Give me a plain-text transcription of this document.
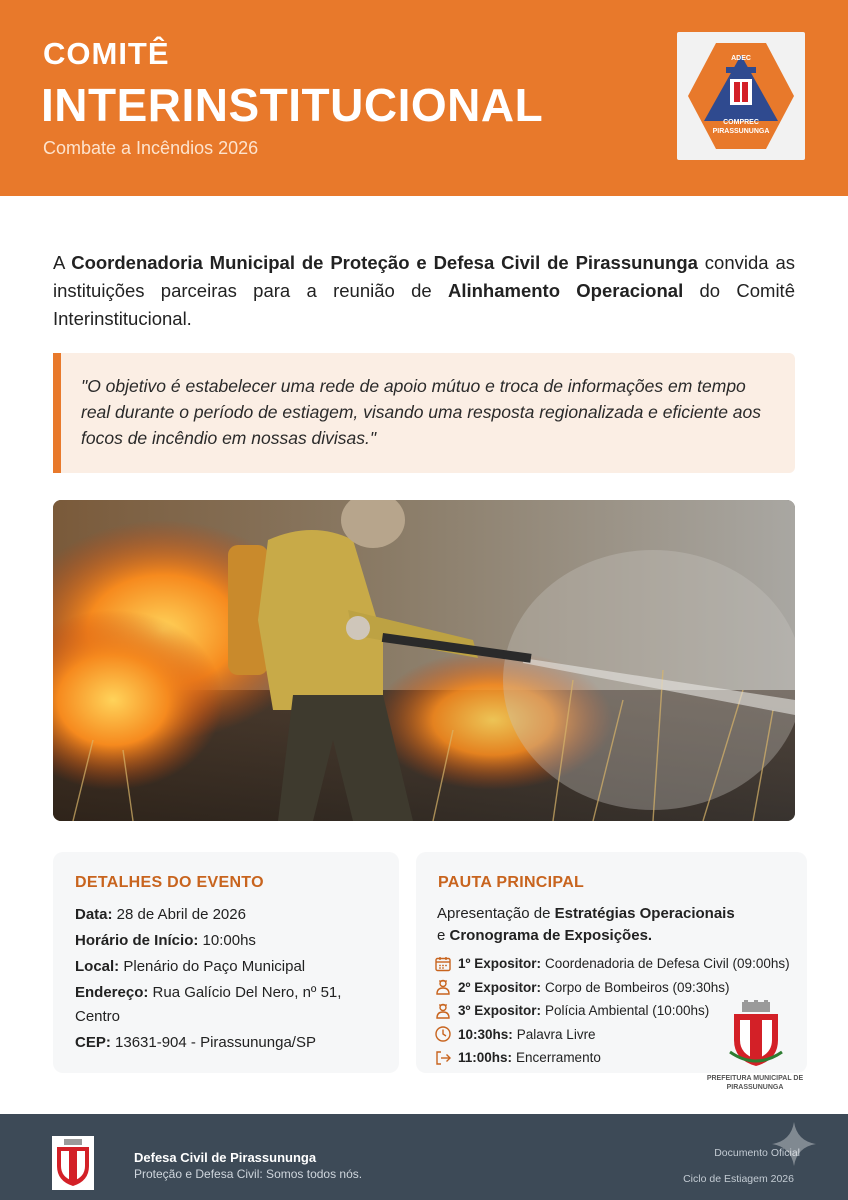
COMITÊ
INTERINSTITUCIONAL
Combate a Incêndios 2026
ADEC
COMPREC
PIRASSUNUNGA
A Coordenadoria Municipal de Proteção e Defesa Civil de Pirassununga convida as instituições parceiras para a reunião de Alinhamento Operacional do Comitê Interinstitucional.
"O objetivo é estabelecer uma rede de apoio mútuo e troca de informações em tempo real durante o período de estiagem, visando uma resposta regionalizada e eficiente aos focos de incêndio em nossas divisas."
DETALHES DO EVENTO
Data: 28 de Abril de 2026
Horário de Início: 10:00hs
Local: Plenário do Paço Municipal
Endereço: Rua Galício Del Nero, nº 51, Centro
CEP: 13631-904 - Pirassununga/SP
PAUTA PRINCIPAL
Apresentação de Estratégias Operacionais
e Cronograma de Exposições.
1º Expositor: Coordenadoria de Defesa Civil (09:00hs)
2º Expositor: Corpo de Bombeiros (09:30hs)
3º Expositor: Polícia Ambiental (10:00hs)
10:30hs: Palavra Livre
11:00hs: Encerramento
PREFEITURA MUNICIPAL DE PIRASSUNUNGA
Defesa Civil de Pirassununga
Proteção e Defesa Civil: Somos todos nós.
Documento Oficial
Ciclo de Estiagem 2026
